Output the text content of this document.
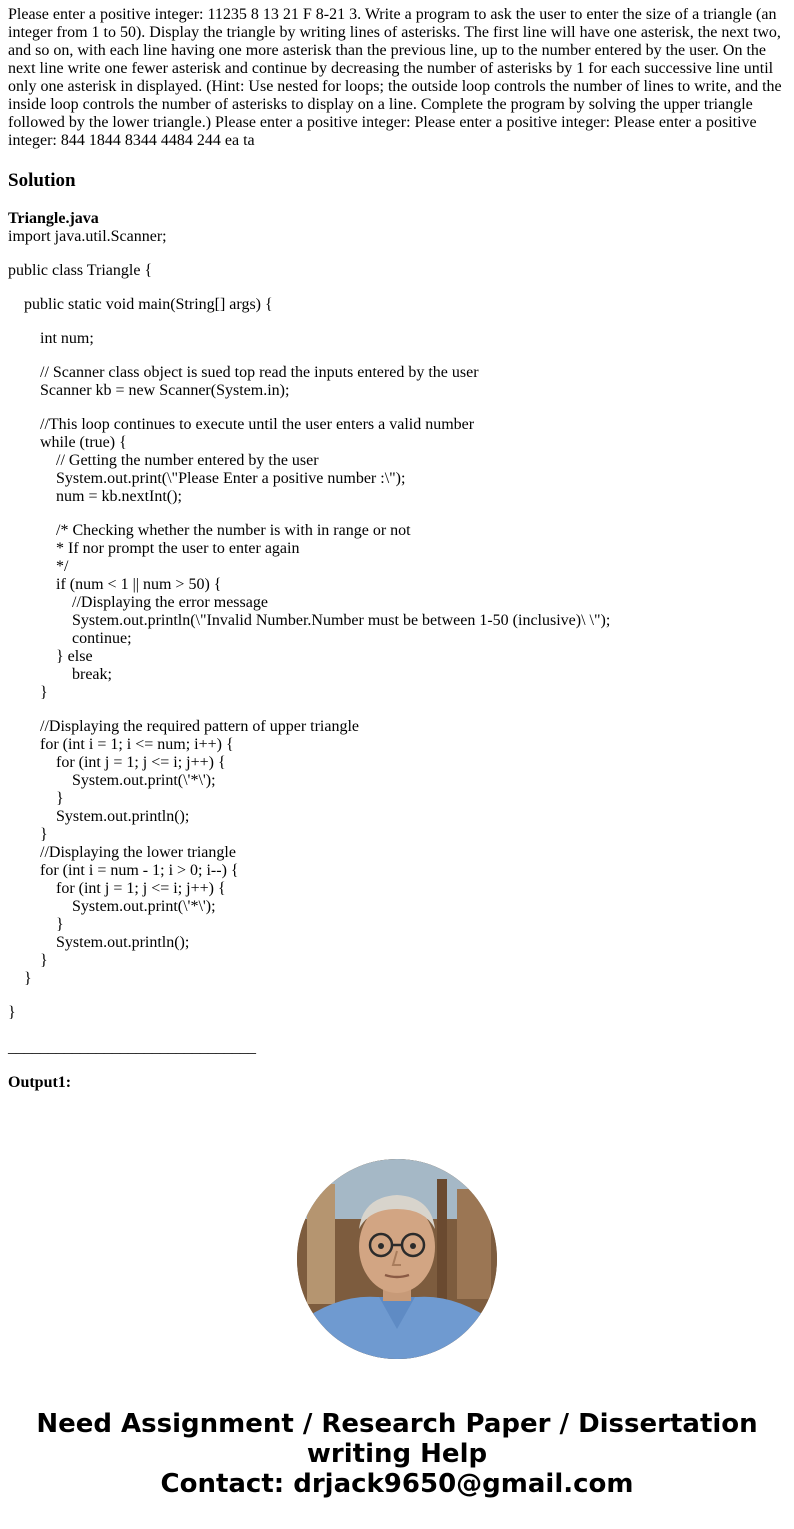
Please enter a positive integer: 11235 8 13 21 F 8-21 3. Write a program to ask the user to enter the size of a triangle (an integer from 1 to 50). Display the triangle by writing lines of asterisks. The first line will have one asterisk, the next two, and so on, with each line having one more asterisk than the previous line, up to the number entered by the user. On the next line write one fewer asterisk and continue by decreasing the number of asterisks by 1 for each successive line until only one asterisk in displayed. (Hint: Use nested for loops; the outside loop controls the number of lines to write, and the inside loop controls the number of asterisks to display on a line. Complete the program by solving the upper triangle followed by the lower triangle.) Please enter a positive integer: Please enter a positive integer: Please enter a positive integer: 844 1844 8344 4484 244 ea ta
Solution
Triangle.java
import java.util.Scanner;
public class Triangle {
public static void main(String[] args) {
int num;
// Scanner class object is sued top read the inputs entered by the user
Scanner kb = new Scanner(System.in);
//This loop continues to execute until the user enters a valid number
while (true) {
// Getting the number entered by the user
System.out.print(\"Please Enter a positive number :\");
num = kb.nextInt();
/* Checking whether the number is with in range or not
* If nor prompt the user to enter again
*/
if (num < 1 || num > 50) {
//Displaying the error message
System.out.println(\"Invalid Number.Number must be between 1-50 (inclusive)\ \");
continue;
} else
break;
}
//Displaying the required pattern of upper triangle
for (int i = 1; i <= num; i++) {
for (int j = 1; j <= i; j++) {
System.out.print(\'*\');
}
System.out.println();
}
//Displaying the lower triangle
for (int i = num - 1; i > 0; i--) {
for (int j = 1; j <= i; j++) {
System.out.print(\'*\');
}
System.out.println();
}
}
}
_______________________________
Output1:
Need Assignment / Research Paper / Dissertation
writing Help
Contact: drjack9650@gmail.com
